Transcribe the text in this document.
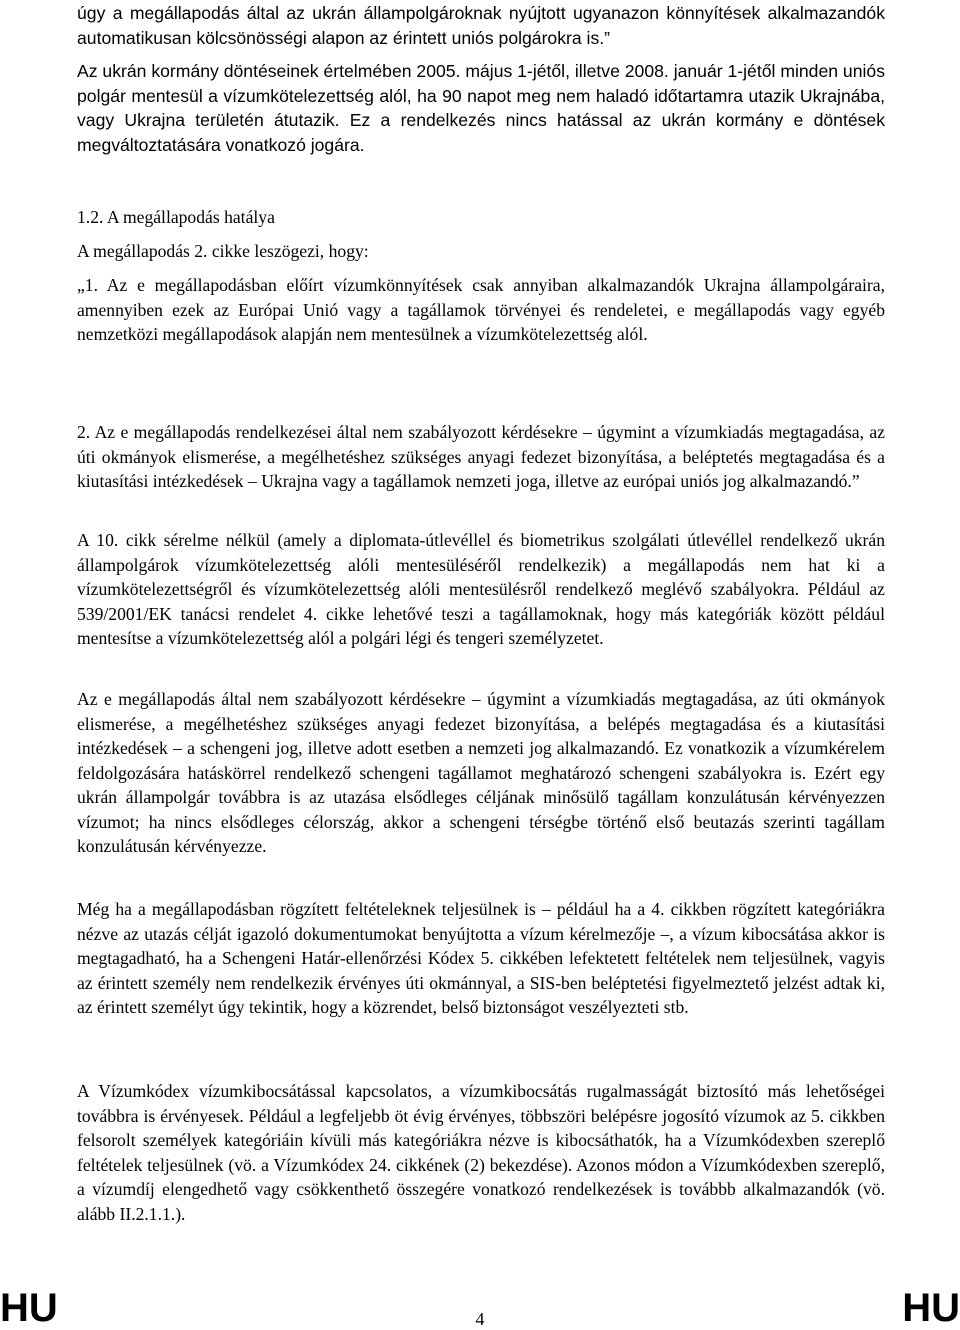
úgy a megállapodás által az ukrán állampolgároknak nyújtott ugyanazon könnyítések alkalmazandók automatikusan kölcsönösségi alapon az érintett uniós polgárokra is.”

Az ukrán kormány döntéseinek értelmében 2005. május 1-jétől, illetve 2008. január 1-jétől minden uniós polgár mentesül a vízumkötelezettség alól, ha 90 napot meg nem haladó időtartamra utazik Ukrajnába, vagy Ukrajna területén átutazik. Ez a rendelkezés nincs hatással az ukrán kormány e döntések megváltoztatására vonatkozó jogára.

1.2. A megállapodás hatálya

A megállapodás 2. cikke leszögezi, hogy:

„1. Az e megállapodásban előírt vízumkönnyítések csak annyiban alkalmazandók Ukrajna állampolgáraira, amennyiben ezek az Európai Unió vagy a tagállamok törvényei és rendeletei, e megállapodás vagy egyéb nemzetközi megállapodások alapján nem mentesülnek a vízumkötelezettség alól.

2. Az e megállapodás rendelkezései által nem szabályozott kérdésekre ‒ úgymint a vízumkiadás megtagadása, az úti okmányok elismerése, a megélhetéshez szükséges anyagi fedezet bizonyítása, a beléptetés megtagadása és a kiutasítási intézkedések ‒ Ukrajna vagy a tagállamok nemzeti joga, illetve az európai uniós jog alkalmazandó.”

A 10. cikk sérelme nélkül (amely a diplomata-útlevéllel és biometrikus szolgálati útlevéllel rendelkező ukrán állampolgárok vízumkötelezettség alóli mentesüléséről rendelkezik) a megállapodás nem hat ki a vízumkötelezettségről és vízumkötelezettség alóli mentesülésről rendelkező meglévő szabályokra. Például az 539/2001/EK tanácsi rendelet 4. cikke lehetővé teszi a tagállamoknak, hogy más kategóriák között például mentesítse a vízumkötelezettség alól a polgári légi és tengeri személyzetet.

Az e megállapodás által nem szabályozott kérdésekre ‒ úgymint a vízumkiadás megtagadása, az úti okmányok elismerése, a megélhetéshez szükséges anyagi fedezet bizonyítása, a belépés megtagadása és a kiutasítási intézkedések ‒ a schengeni jog, illetve adott esetben a nemzeti jog alkalmazandó. Ez vonatkozik a vízumkérelem feldolgozására hatáskörrel rendelkező schengeni tagállamot meghatározó schengeni szabályokra is. Ezért egy ukrán állampolgár továbbra is az utazása elsődleges céljának minősülő tagállam konzulátusán kérvényezzen vízumot; ha nincs elsődleges célország, akkor a schengeni térségbe történő első beutazás szerinti tagállam konzulátusán kérvényezze.

Még ha a megállapodásban rögzített feltételeknek teljesülnek is ‒ például ha a 4. cikkben rögzített kategóriákra nézve az utazás célját igazoló dokumentumokat benyújtotta a vízum kérelmezője ‒, a vízum kibocsátása akkor is megtagadható, ha a Schengeni Határ-ellenőrzési Kódex 5. cikkében lefektetett feltételek nem teljesülnek, vagyis az érintett személy nem rendelkezik érvényes úti okmánnyal, a SIS-ben beléptetési figyelmeztető jelzést adtak ki, az érintett személyt úgy tekintik, hogy a közrendet, belső biztonságot veszélyezteti stb.

A Vízumkódex vízumkibocsátással kapcsolatos, a vízumkibocsátás rugalmasságát biztosító más lehetőségei továbbra is érvényesek. Például a legfeljebb öt évig érvényes, többszöri belépésre jogosító vízumok az 5. cikkben felsorolt személyek kategóriáin kívüli más kategóriákra nézve is kibocsáthatók, ha a Vízumkódexben szereplő feltételek teljesülnek (vö. a Vízumkódex 24. cikkének (2) bekezdése). Azonos módon a Vízumkódexben szereplő, a vízumdíj elengedhető vagy csökkenthető összegére vonatkozó rendelkezések is továbbb alkalmazandók (vö. alább II.2.1.1.).

HU	4	HU
